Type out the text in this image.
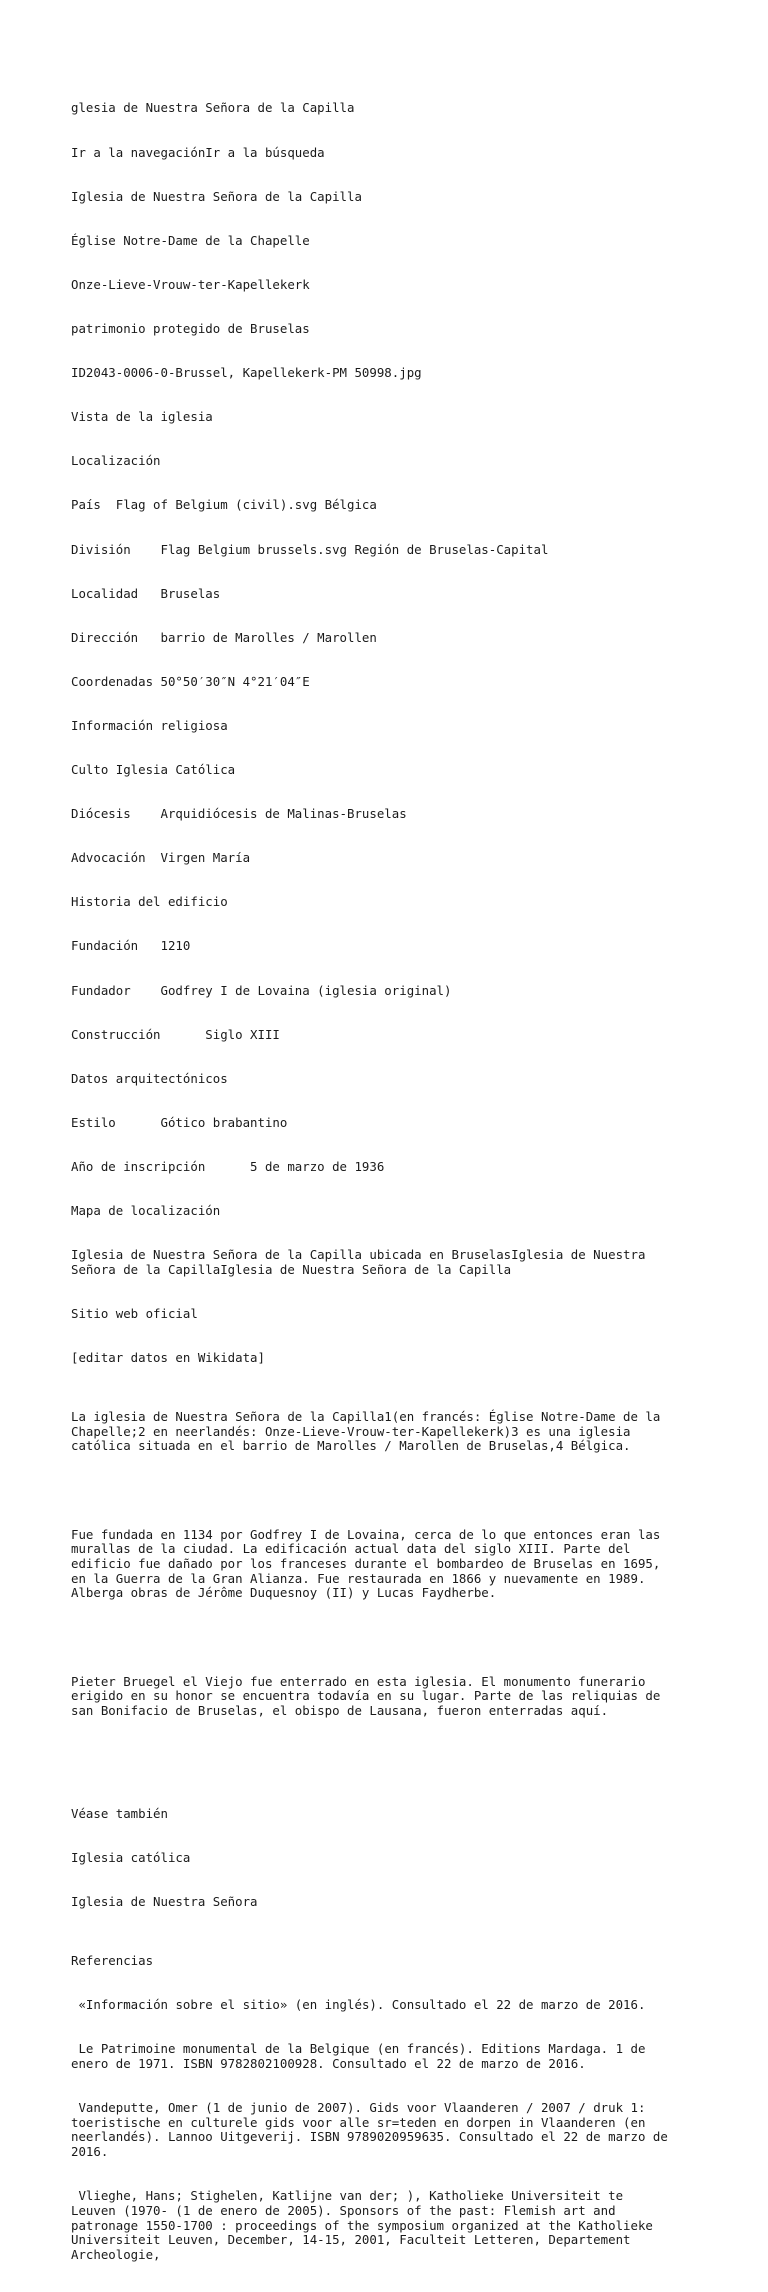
glesia de Nuestra Señora de la Capilla

Ir a la navegaciónIr a la búsqueda

Iglesia de Nuestra Señora de la Capilla

Église Notre-Dame de la Chapelle

Onze-Lieve-Vrouw-ter-Kapellekerk

patrimonio protegido de Bruselas

ID2043-0006-0-Brussel, Kapellekerk-PM 50998.jpg

Vista de la iglesia

Localización

País  Flag of Belgium (civil).svg Bélgica

División    Flag Belgium brussels.svg Región de Bruselas-Capital

Localidad   Bruselas

Dirección   barrio de Marolles / Marollen

Coordenadas 50°50′30″N 4°21′04″E

Información religiosa

Culto Iglesia Católica

Diócesis    Arquidiócesis de Malinas-Bruselas

Advocación  Virgen María

Historia del edificio

Fundación   1210

Fundador    Godfrey I de Lovaina (iglesia original)

Construcción      Siglo XIII

Datos arquitectónicos

Estilo      Gótico brabantino

Año de inscripción      5 de marzo de 1936

Mapa de localización

Iglesia de Nuestra Señora de la Capilla ubicada en BruselasIglesia de Nuestra Señora de la CapillaIglesia de Nuestra Señora de la Capilla

Sitio web oficial

[editar datos en Wikidata]

La iglesia de Nuestra Señora de la Capilla1(en francés: Église Notre-Dame de la Chapelle;2 en neerlandés: Onze-Lieve-Vrouw-ter-Kapellekerk)3 es una iglesia católica situada en el barrio de Marolles / Marollen de Bruselas,4 Bélgica.

Fue fundada en 1134 por Godfrey I de Lovaina, cerca de lo que entonces eran las murallas de la ciudad. La edificación actual data del siglo XIII. Parte del edificio fue dañado por los franceses durante el bombardeo de Bruselas en 1695, en la Guerra de la Gran Alianza. Fue restaurada en 1866 y nuevamente en 1989. Alberga obras de Jérôme Duquesnoy (II) y Lucas Faydherbe.

Pieter Bruegel el Viejo fue enterrado en esta iglesia. El monumento funerario erigido en su honor se encuentra todavía en su lugar. Parte de las reliquias de san Bonifacio de Bruselas, el obispo de Lausana, fueron enterradas aquí.

Véase también

Iglesia católica

Iglesia de Nuestra Señora

Referencias

«Información sobre el sitio» (en inglés). Consultado el 22 de marzo de 2016.

Le Patrimoine monumental de la Belgique (en francés). Editions Mardaga. 1 de enero de 1971. ISBN 9782802100928. Consultado el 22 de marzo de 2016.

Vandeputte, Omer (1 de junio de 2007). Gids voor Vlaanderen / 2007 / druk 1: toeristische en culturele gids voor alle sr=teden en dorpen in Vlaanderen (en neerlandés). Lannoo Uitgeverij. ISBN 9789020959635. Consultado el 22 de marzo de 2016.

Vlieghe, Hans; Stighelen, Katlijne van der; ), Katholieke Universiteit te Leuven (1970- (1 de enero de 2005). Sponsors of the past: Flemish art and patronage 1550-1700 : proceedings of the symposium organized at the Katholieke Universiteit Leuven, December, 14-15, 2001, Faculteit Letteren, Departement Archeologie,
